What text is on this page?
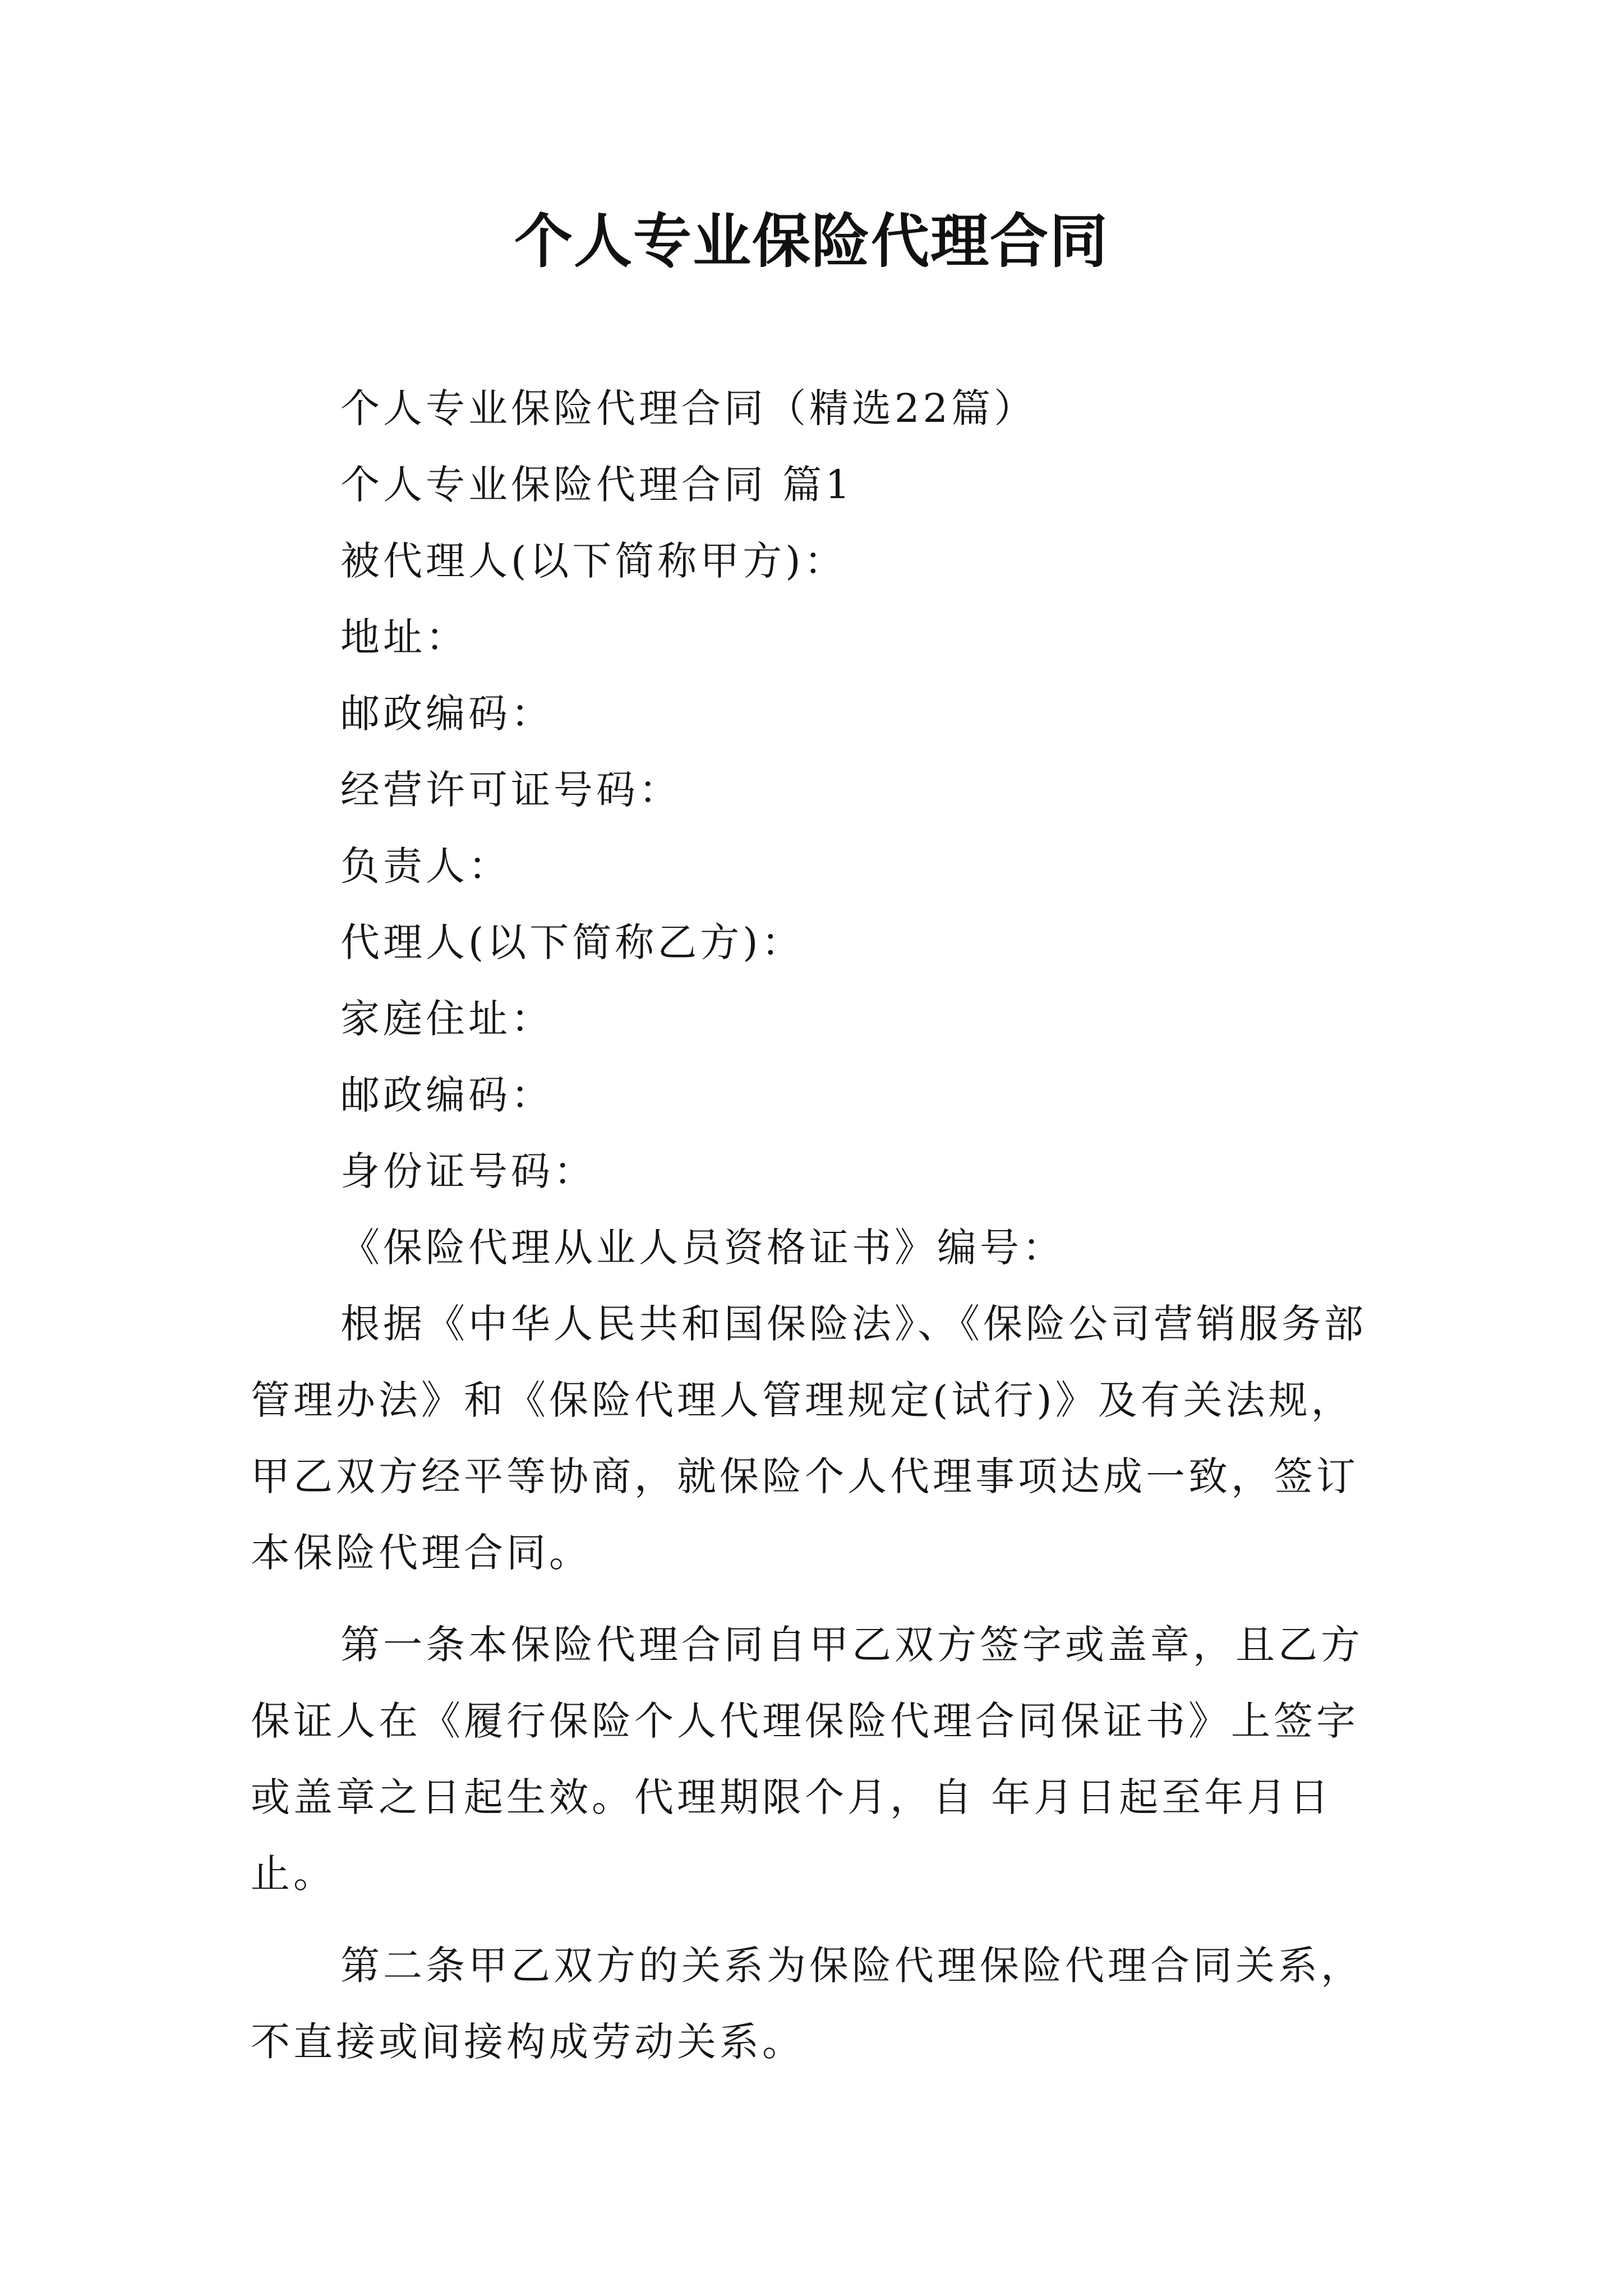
个人专业保险代理合同
个人专业保险代理合同（精选22篇）
个人专业保险代理合同 篇1
被代理人(以下简称甲方)：
地址：
邮政编码：
经营许可证号码：
负责人：
代理人(以下简称乙方)：
家庭住址：
邮政编码：
身份证号码：
《保险代理从业人员资格证书》编号：
根据《中华人民共和国保险法》、《保险公司营销服务部
管理办法》和《保险代理人管理规定(试行)》及有关法规，
甲乙双方经平等协商，就保险个人代理事项达成一致，签订
本保险代理合同。
第一条本保险代理合同自甲乙双方签字或盖章，且乙方
保证人在《履行保险个人代理保险代理合同保证书》上签字
或盖章之日起生效。代理期限个月，自 年月日起至年月日
止。
第二条甲乙双方的关系为保险代理保险代理合同关系，
不直接或间接构成劳动关系。
